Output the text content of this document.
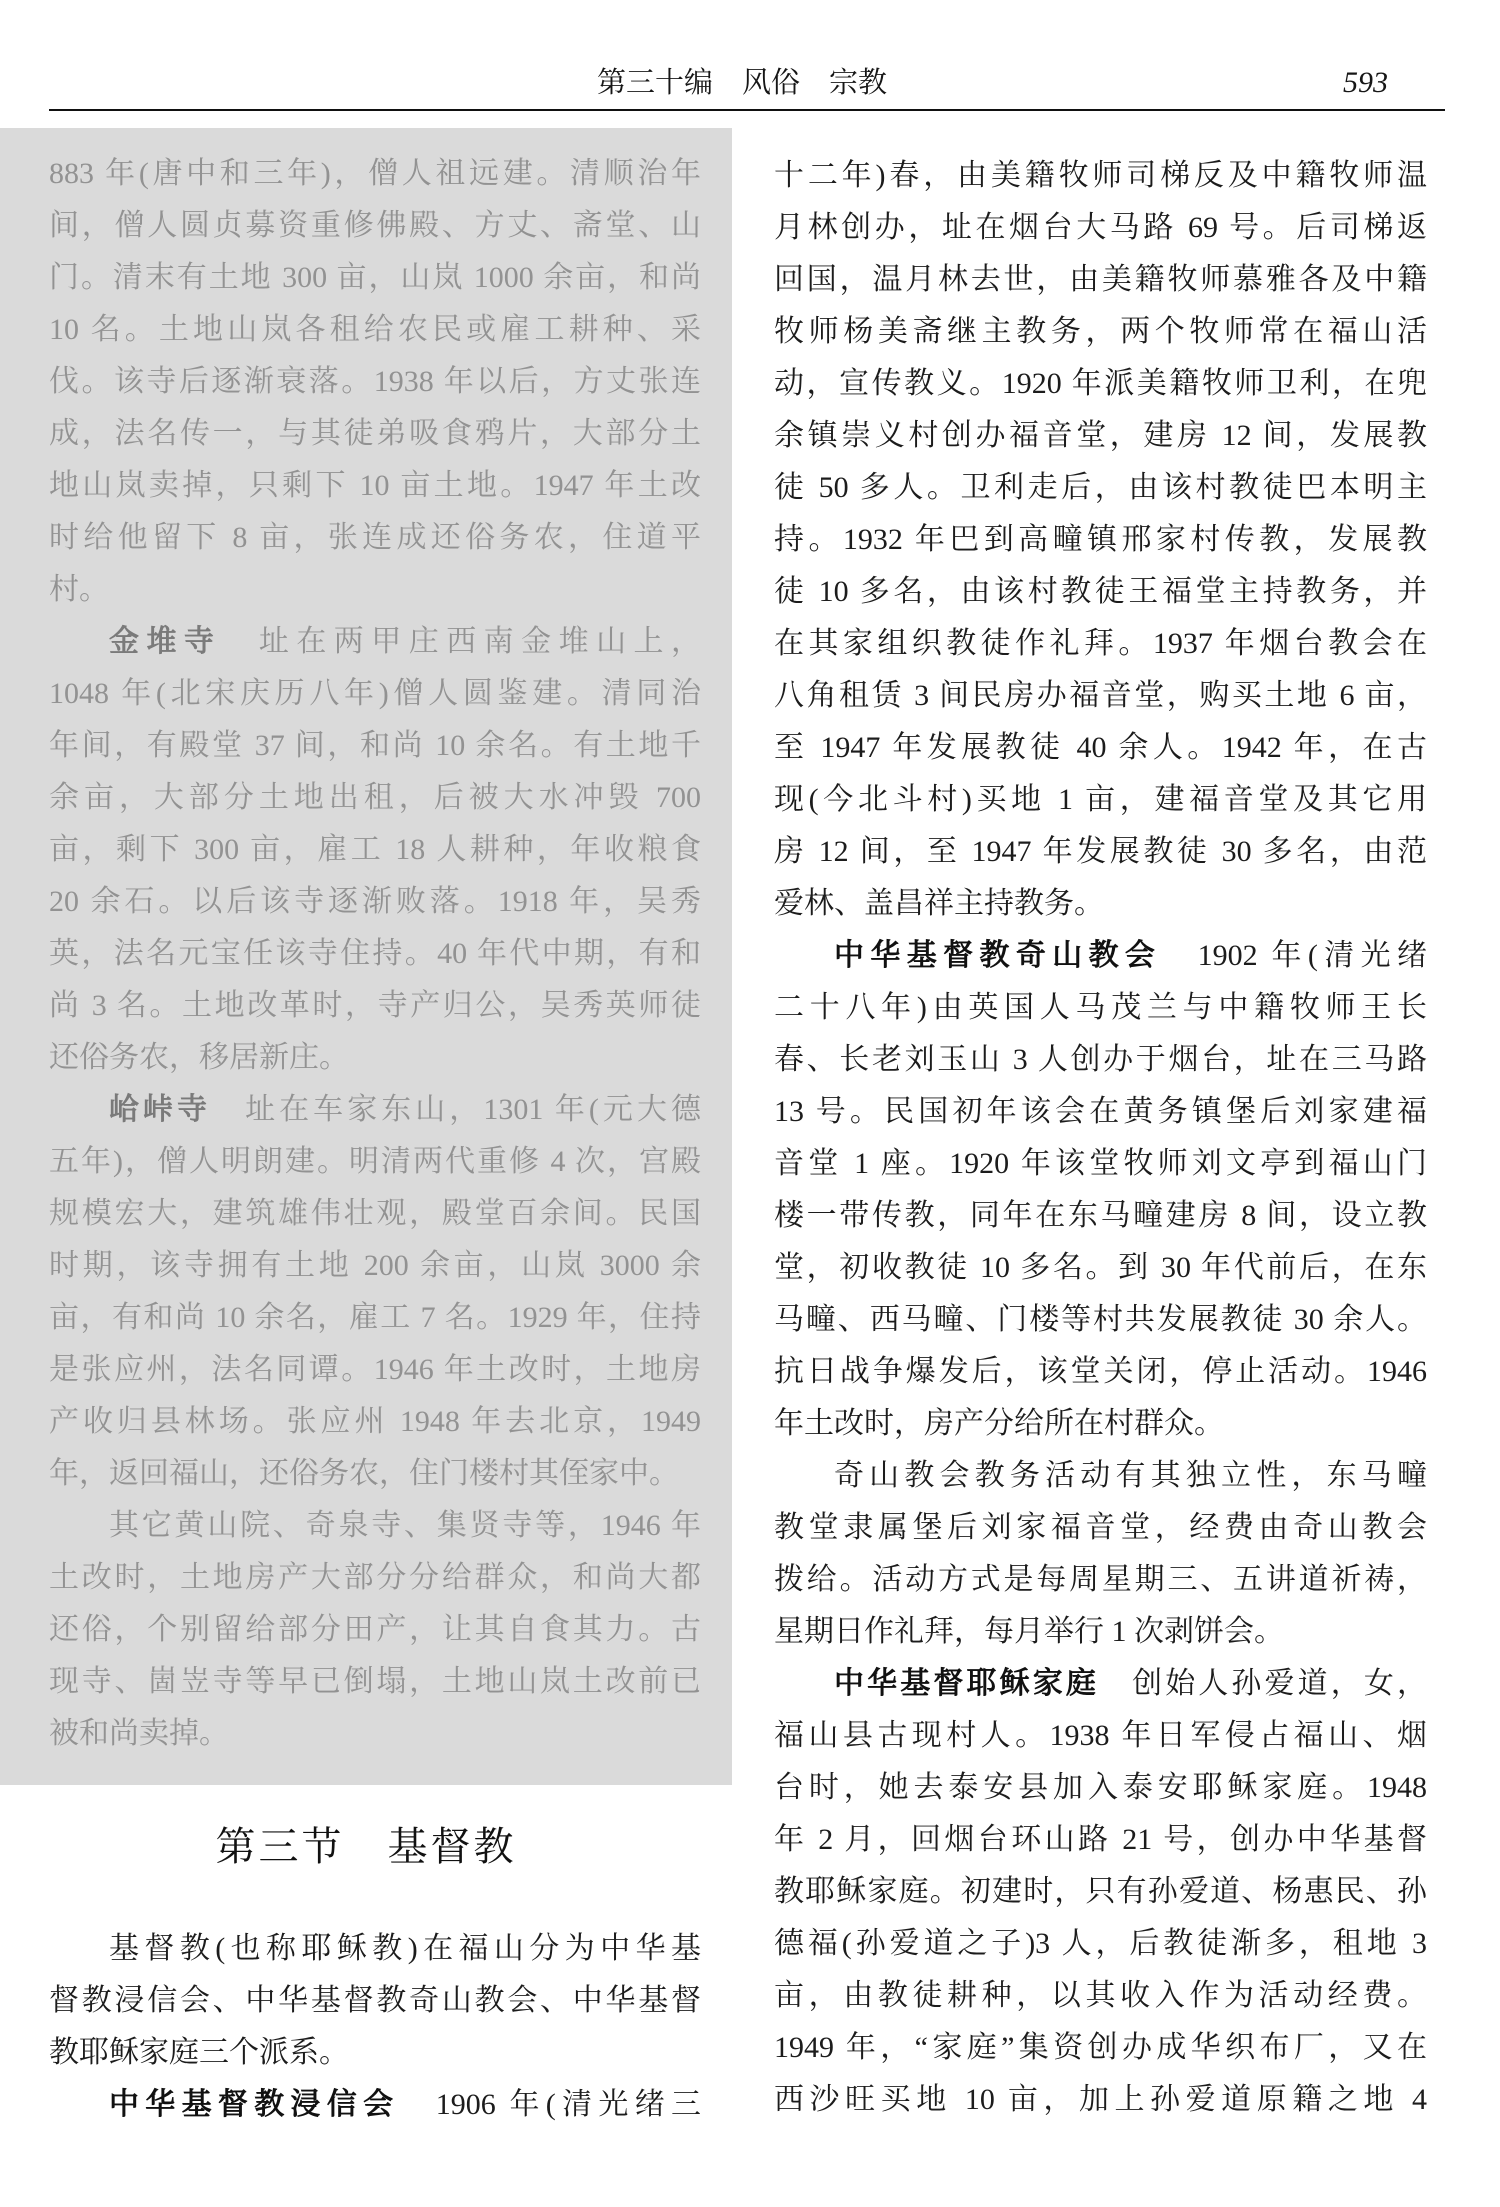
第三十编　风俗　宗教	593
883 年(唐中和三年)，僧人祖远建。清顺治年
间，僧人圆贞募资重修佛殿、方丈、斋堂、山
门。清末有土地 300 亩，山岚 1000 余亩，和尚
10 名。土地山岚各租给农民或雇工耕种、采
伐。该寺后逐渐衰落。1938 年以后，方丈张连
成，法名传一，与其徒弟吸食鸦片，大部分土
地山岚卖掉，只剩下 10 亩土地。1947 年土改
时给他留下 8 亩，张连成还俗务农，住道平
村。
金堆寺　址在两甲庄西南金堆山上，
1048 年(北宋庆历八年)僧人圆鉴建。清同治
年间，有殿堂 37 间，和尚 10 余名。有土地千
余亩，大部分土地出租，后被大水冲毁 700
亩，剩下 300 亩，雇工 18 人耕种，年收粮食
20 余石。以后该寺逐渐败落。1918 年，吴秀
英，法名元宝任该寺住持。40 年代中期，有和
尚 3 名。土地改革时，寺产归公，吴秀英师徒
还俗务农，移居新庄。
峆峠寺　址在车家东山，1301 年(元大德
五年)，僧人明朗建。明清两代重修 4 次，宫殿
规模宏大，建筑雄伟壮观，殿堂百余间。民国
时期，该寺拥有土地 200 余亩，山岚 3000 余
亩，有和尚 10 余名，雇工 7 名。1929 年，住持
是张应州，法名同谭。1946 年土改时，土地房
产收归县林场。张应州 1948 年去北京，1949
年，返回福山，还俗务农，住门楼村其侄家中。
其它黄山院、奇泉寺、集贤寺等，1946 年
土改时，土地房产大部分分给群众，和尚大都
还俗，个别留给部分田产，让其自食其力。古
现寺、崮岦寺等早已倒塌，土地山岚土改前已
被和尚卖掉。
第三节　基督教
基督教(也称耶稣教)在福山分为中华基
督教浸信会、中华基督教奇山教会、中华基督
教耶稣家庭三个派系。
中华基督教浸信会　1906 年(清光绪三
十二年)春，由美籍牧师司梯反及中籍牧师温
月林创办，址在烟台大马路 69 号。后司梯返
回国，温月林去世，由美籍牧师慕雅各及中籍
牧师杨美斋继主教务，两个牧师常在福山活
动，宣传教义。1920 年派美籍牧师卫利，在兜
余镇崇义村创办福音堂，建房 12 间，发展教
徒 50 多人。卫利走后，由该村教徒巴本明主
持。1932 年巴到高疃镇邢家村传教，发展教
徒 10 多名，由该村教徒王福堂主持教务，并
在其家组织教徒作礼拜。1937 年烟台教会在
八角租赁 3 间民房办福音堂，购买土地 6 亩，
至 1947 年发展教徒 40 余人。1942 年，在古
现(今北斗村)买地 1 亩，建福音堂及其它用
房 12 间，至 1947 年发展教徒 30 多名，由范
爱林、盖昌祥主持教务。
中华基督教奇山教会　1902 年(清光绪
二十八年)由英国人马茂兰与中籍牧师王长
春、长老刘玉山 3 人创办于烟台，址在三马路
13 号。民国初年该会在黄务镇堡后刘家建福
音堂 1 座。1920 年该堂牧师刘文亭到福山门
楼一带传教，同年在东马疃建房 8 间，设立教
堂，初收教徒 10 多名。到 30 年代前后，在东
马疃、西马疃、门楼等村共发展教徒 30 余人。
抗日战争爆发后，该堂关闭，停止活动。1946
年土改时，房产分给所在村群众。
奇山教会教务活动有其独立性，东马疃
教堂隶属堡后刘家福音堂，经费由奇山教会
拨给。活动方式是每周星期三、五讲道祈祷，
星期日作礼拜，每月举行 1 次剥饼会。
中华基督耶稣家庭　创始人孙爱道，女，
福山县古现村人。1938 年日军侵占福山、烟
台时，她去泰安县加入泰安耶稣家庭。1948
年 2 月，回烟台环山路 21 号，创办中华基督
教耶稣家庭。初建时，只有孙爱道、杨惠民、孙
德福(孙爱道之子)3 人，后教徒渐多，租地 3
亩，由教徒耕种，以其收入作为活动经费。
1949 年，“家庭”集资创办成华织布厂，又在
西沙旺买地 10 亩，加上孙爱道原籍之地 4
